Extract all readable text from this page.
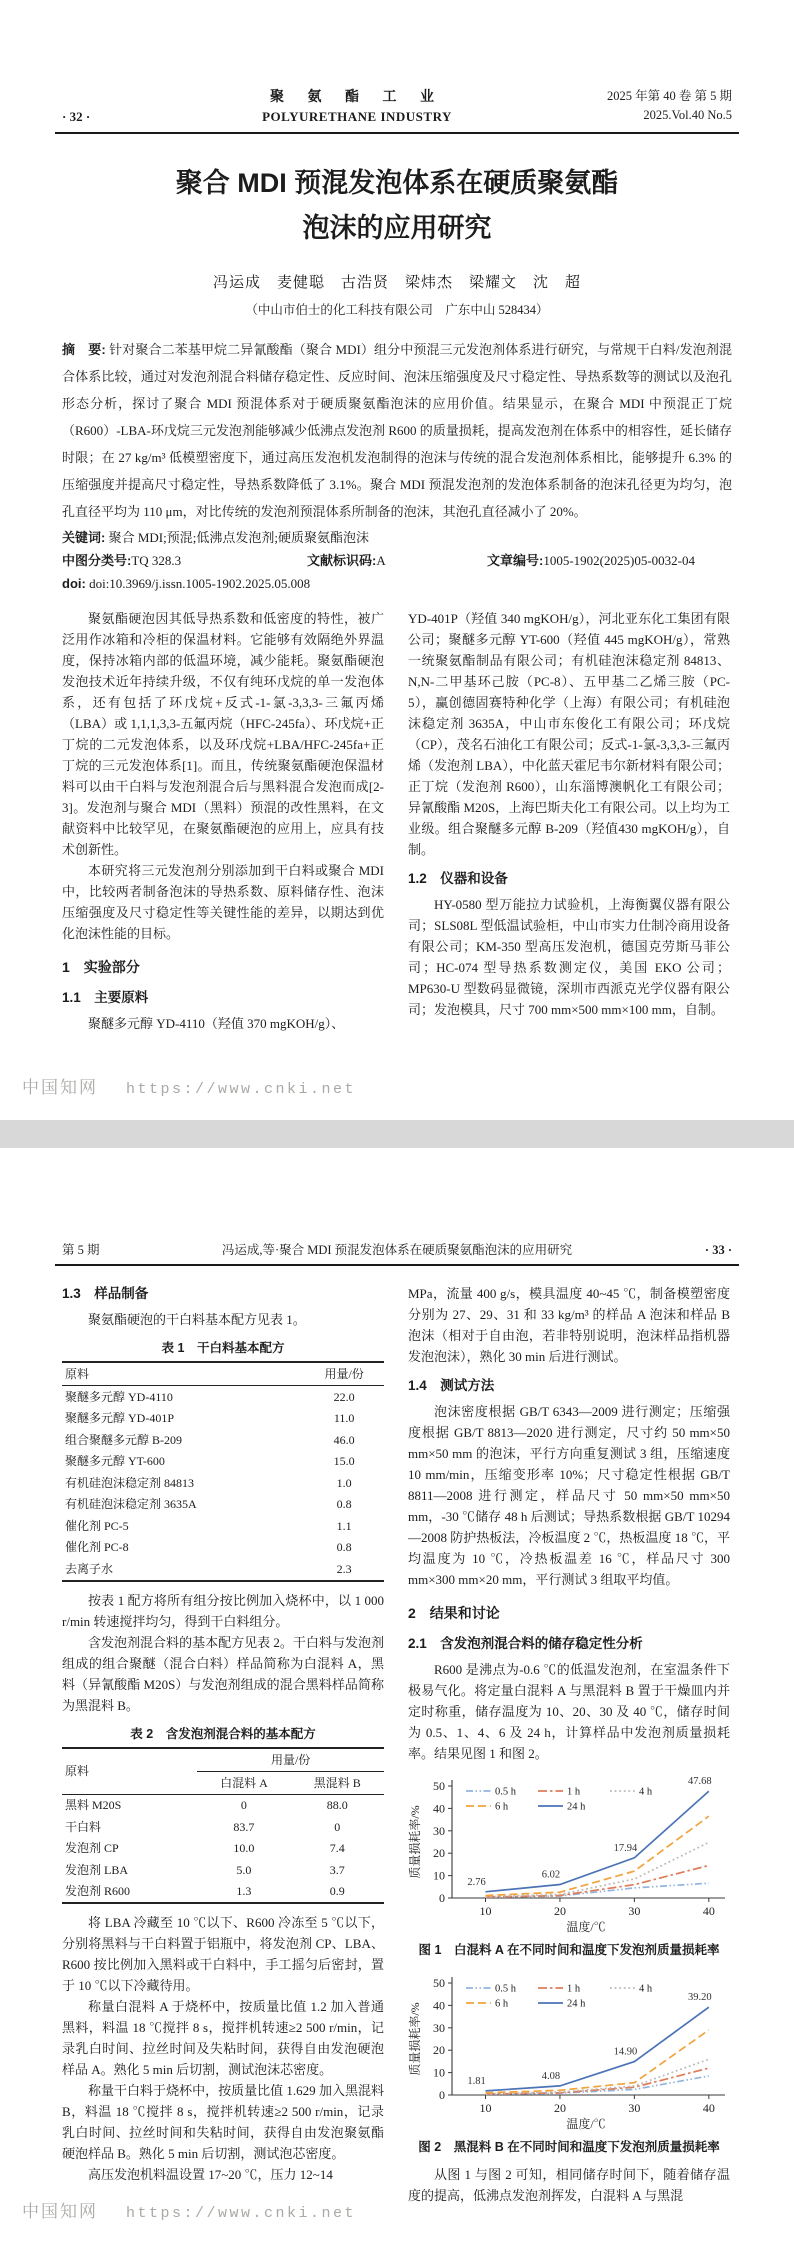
· 32 ·
聚 氨 酯 工 业
POLYURETHANE INDUSTRY
2025 年第 40 卷 第 5 期
2025.Vol.40 No.5
聚合 MDI 预混发泡体系在硬质聚氨酯
泡沫的应用研究
冯运成　麦健聪　古浩贤　梁炜杰　梁耀文　沈　超
（中山市伯士的化工科技有限公司　广东中山 528434）
摘　要: 针对聚合二苯基甲烷二异氰酸酯（聚合 MDI）组分中预混三元发泡剂体系进行研究，与常规干白料/发泡剂混合体系比较，通过对发泡剂混合料储存稳定性、反应时间、泡沫压缩强度及尺寸稳定性、导热系数等的测试以及泡孔形态分析，探讨了聚合 MDI 预混体系对于硬质聚氨酯泡沫的应用价值。结果显示，在聚合 MDI 中预混正丁烷（R600）-LBA-环戊烷三元发泡剂能够减少低沸点发泡剂 R600 的质量损耗，提高发泡剂在体系中的相容性，延长储存时限；在 27 kg/m³ 低模塑密度下，通过高压发泡机发泡制得的泡沫与传统的混合发泡剂体系相比，能够提升 6.3% 的压缩强度并提高尺寸稳定性，导热系数降低了 3.1%。聚合 MDI 预混发泡剂的发泡体系制备的泡沫孔径更为均匀，泡孔直径平均为 110 μm，对比传统的发泡剂预混体系所制备的泡沫，其泡孔直径减小了 20%。
关键词: 聚合 MDI;预混;低沸点发泡剂;硬质聚氨酯泡沫
中图分类号:TQ 328.3	文献标识码:A	文章编号:1005-1902(2025)05-0032-04
doi: doi:10.3969/j.issn.1005-1902.2025.05.008

聚氨酯硬泡因其低导热系数和低密度的特性，被广泛用作冰箱和冷柜的保温材料。它能够有效隔绝外界温度，保持冰箱内部的低温环境，减少能耗。聚氨酯硬泡发泡技术近年持续升级，不仅有纯环戊烷的单一发泡体系，还有包括了环戊烷+反式-1-氯-3,3,3-三氟丙烯（LBA）或 1,1,1,3,3-五氟丙烷（HFC-245fa）、环戊烷+正丁烷的二元发泡体系，以及环戊烷+LBA/HFC-245fa+正丁烷的三元发泡体系[1]。而且，传统聚氨酯硬泡保温材料可以由干白料与发泡剂混合后与黑料混合发泡而成[2-3]。发泡剂与聚合 MDI（黑料）预混的改性黑料，在文献资料中比较罕见，在聚氨酯硬泡的应用上，应具有技术创新性。

本研究将三元发泡剂分别添加到干白料或聚合 MDI 中，比较两者制备泡沫的导热系数、原料储存性、泡沫压缩强度及尺寸稳定性等关键性能的差异，以期达到优化泡沫性能的目标。

1　实验部分
1.1　主要原料

聚醚多元醇 YD-4110（羟值 370 mgKOH/g）、

YD-401P（羟值 340 mgKOH/g），河北亚东化工集团有限公司；聚醚多元醇 YT-600（羟值 445 mgKOH/g），常熟一统聚氨酯制品有限公司；有机硅泡沫稳定剂 84813、N,N-二甲基环己胺（PC-8）、五甲基二乙烯三胺（PC-5），赢创德固赛特种化学（上海）有限公司；有机硅泡沫稳定剂 3635A，中山市东俊化工有限公司；环戊烷（CP），茂名石油化工有限公司；反式-1-氯-3,3,3-三氟丙烯（发泡剂 LBA），中化蓝天霍尼韦尔新材料有限公司；正丁烷（发泡剂 R600），山东淄博澳帆化工有限公司；异氰酸酯 M20S，上海巴斯夫化工有限公司。以上均为工业级。组合聚醚多元醇 B-209（羟值430 mgKOH/g），自制。

1.2　仪器和设备

HY-0580 型万能拉力试验机，上海衡翼仪器有限公司；SLS08L 型低温试验柜，中山市实力仕制冷商用设备有限公司；KM-350 型高压发泡机，德国克劳斯马菲公司；HC-074 型导热系数测定仪，美国 EKO 公司；MP630-U 型数码显微镜，深圳市西派克光学仪器有限公司；发泡模具，尺寸 700 mm×500 mm×100 mm，自制。

中国知网 https://www.cnki.net
第 5 期	冯运成,等·聚合 MDI 预混发泡体系在硬质聚氨酯泡沫的应用研究	· 33 ·
1.3　样品制备

聚氨酯硬泡的干白料基本配方见表 1。

表 1　干白料基本配方
原料	用量/份
聚醚多元醇 YD-4110	22.0
聚醚多元醇 YD-401P	11.0
组合聚醚多元醇 B-209	46.0
聚醚多元醇 YT-600	15.0
有机硅泡沫稳定剂 84813	1.0
有机硅泡沫稳定剂 3635A	0.8
催化剂 PC-5	1.1
催化剂 PC-8	0.8
去离子水	2.3

按表 1 配方将所有组分按比例加入烧杯中，以 1 000 r/min 转速搅拌均匀，得到干白料组分。

含发泡剂混合料的基本配方见表 2。干白料与发泡剂组成的组合聚醚（混合白料）样品简称为白混料 A，黑料（异氰酸酯 M20S）与发泡剂组成的混合黑料样品简称为黑混料 B。

表 2　含发泡剂混合料的基本配方
原料	用量/份	
	白混料 A	黑混料 B
黑料 M20S	0	88.0
干白料	83.7	0
发泡剂 CP	10.0	7.4
发泡剂 LBA	5.0	3.7
发泡剂 R600	1.3	0.9

将 LBA 冷藏至 10 ℃以下、R600 冷冻至 5 ℃以下，分别将黑料与干白料置于铝瓶中，将发泡剂 CP、LBA、R600 按比例加入黑料或干白料中，手工摇匀后密封，置于 10 ℃以下冷藏待用。

称量白混料 A 于烧杯中，按质量比值 1.2 加入普通黑料，料温 18 ℃搅拌 8 s，搅拌机转速≥2 500 r/min，记录乳白时间、拉丝时间及失粘时间，获得自由发泡硬泡样品 A。熟化 5 min 后切割，测试泡沫芯密度。

称量干白料于烧杯中，按质量比值 1.629 加入黑混料 B，料温 18 ℃搅拌 8 s，搅拌机转速≥2 500 r/min，记录乳白时间、拉丝时间和失粘时间，获得自由发泡聚氨酯硬泡样品 B。熟化 5 min 后切割，测试泡芯密度。

高压发泡机料温设置 17~20 ℃，压力 12~14

MPa，流量 400 g/s，模具温度 40~45 ℃，制备模塑密度分别为 27、29、31 和 33 kg/m³ 的样品 A 泡沫和样品 B 泡沫（相对于自由泡，若非特别说明，泡沫样品指机器发泡泡沫），熟化 30 min 后进行测试。

1.4　测试方法

泡沫密度根据 GB/T 6343—2009 进行测定；压缩强度根据 GB/T 8813—2020 进行测定，尺寸约 50 mm×50 mm×50 mm 的泡沫，平行方向重复测试 3 组，压缩速度 10 mm/min，压缩变形率 10%；尺寸稳定性根据 GB/T 8811—2008 进行测定，样品尺寸 50 mm×50 mm×50 mm，-30 ℃储存 48 h 后测试；导热系数根据 GB/T 10294—2008 防护热板法，冷板温度 2 ℃，热板温度 18 ℃，平均温度为 10 ℃，冷热板温差 16 ℃，样品尺寸 300 mm×300 mm×20 mm，平行测试 3 组取平均值。

2　结果和讨论
2.1　含发泡剂混合料的储存稳定性分析

R600 是沸点为-0.6 ℃的低温发泡剂，在室温条件下极易气化。将定量白混料 A 与黑混料 B 置于干燥皿内并定时称重，储存温度为 10、20、30 及 40 ℃，储存时间为 0.5、1、4、6 及 24 h，计算样品中发泡剂质量损耗率。结果见图 1 和图 2。

0
10
20
30
40
50
10	20	30	40
温度/℃
质量损耗率/%
0.5 h	1 h	4 h
6 h	24 h
2.76
6.02
17.94
47.68
图 1　白混料 A 在不同时间和温度下发泡剂质量损耗率
0
10
20
30
40
50
10	20	30	40
温度/℃
质量损耗率/%
0.5 h	1 h	4 h
6 h	24 h
1.81	4.08
14.90
39.20
图 2　黑混料 B 在不同时间和温度下发泡剂质量损耗率

从图 1 与图 2 可知，相同储存时间下，随着储存温度的提高，低沸点发泡剂挥发，白混料 A 与黑混

中国知网 https://www.cnki.net
